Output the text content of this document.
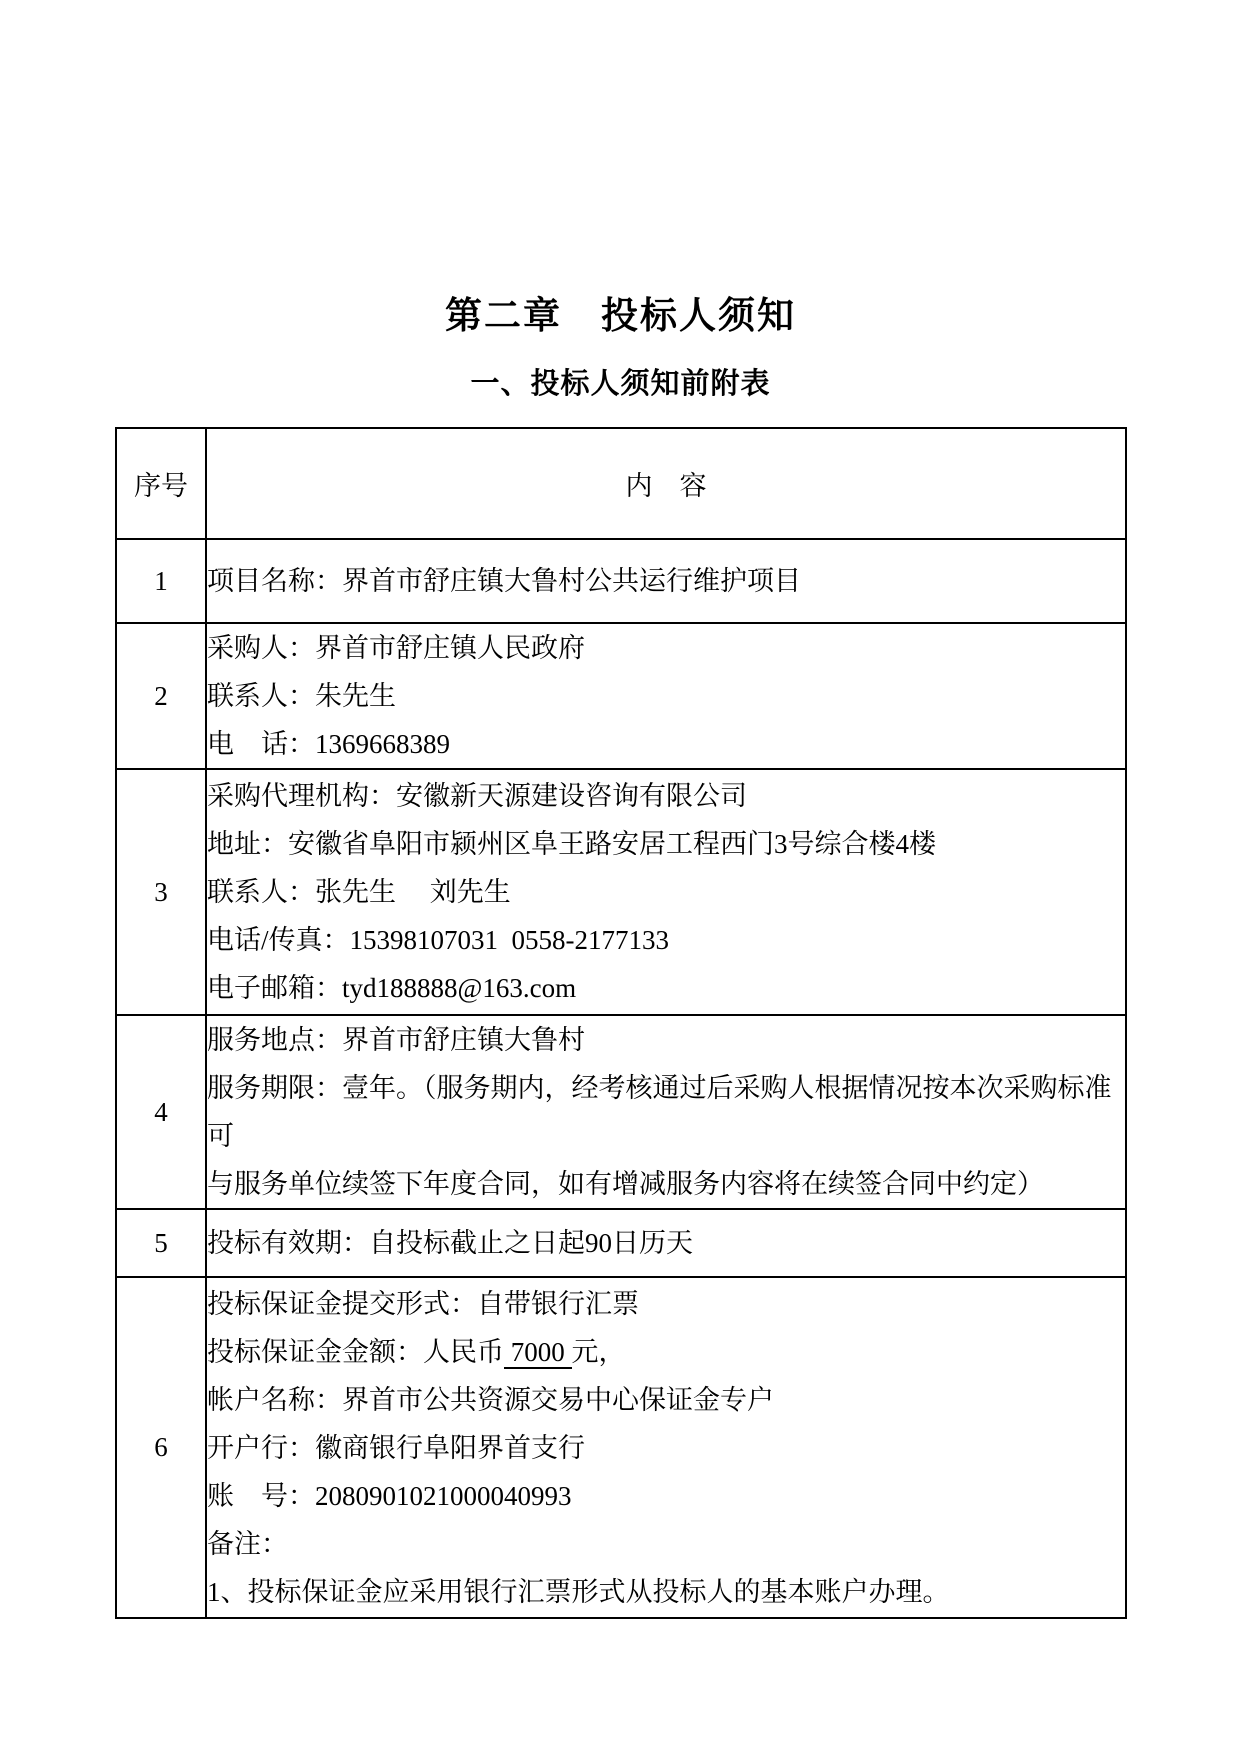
第二章　投标人须知
一、投标人须知前附表
序号	内　容
1	项目名称：界首市舒庄镇大鲁村公共运行维护项目

2	采购人：界首市舒庄镇人民政府
联系人：朱先生
电　话：1369668389

3	采购代理机构：安徽新天源建设咨询有限公司
地址：安徽省阜阳市颍州区阜王路安居工程西门3号综合楼4楼
联系人：张先生　 刘先生
电话/传真：15398107031  0558-2177133
电子邮箱：tyd188888@163.com

4	服务地点：界首市舒庄镇大鲁村
服务期限：壹年。（服务期内，经考核通过后采购人根据情况按本次采购标准可
与服务单位续签下年度合同，如有增减服务内容将在续签合同中约定）

5	投标有效期：自投标截止之日起90日历天

6	
投标保证金提交形式：自带银行汇票
投标保证金金额：人民币 7000 元，
帐户名称：界首市公共资源交易中心保证金专户
开户行：徽商银行阜阳界首支行
账　号：2080901021000040993
备注：
1、投标保证金应采用银行汇票形式从投标人的基本账户办理。
